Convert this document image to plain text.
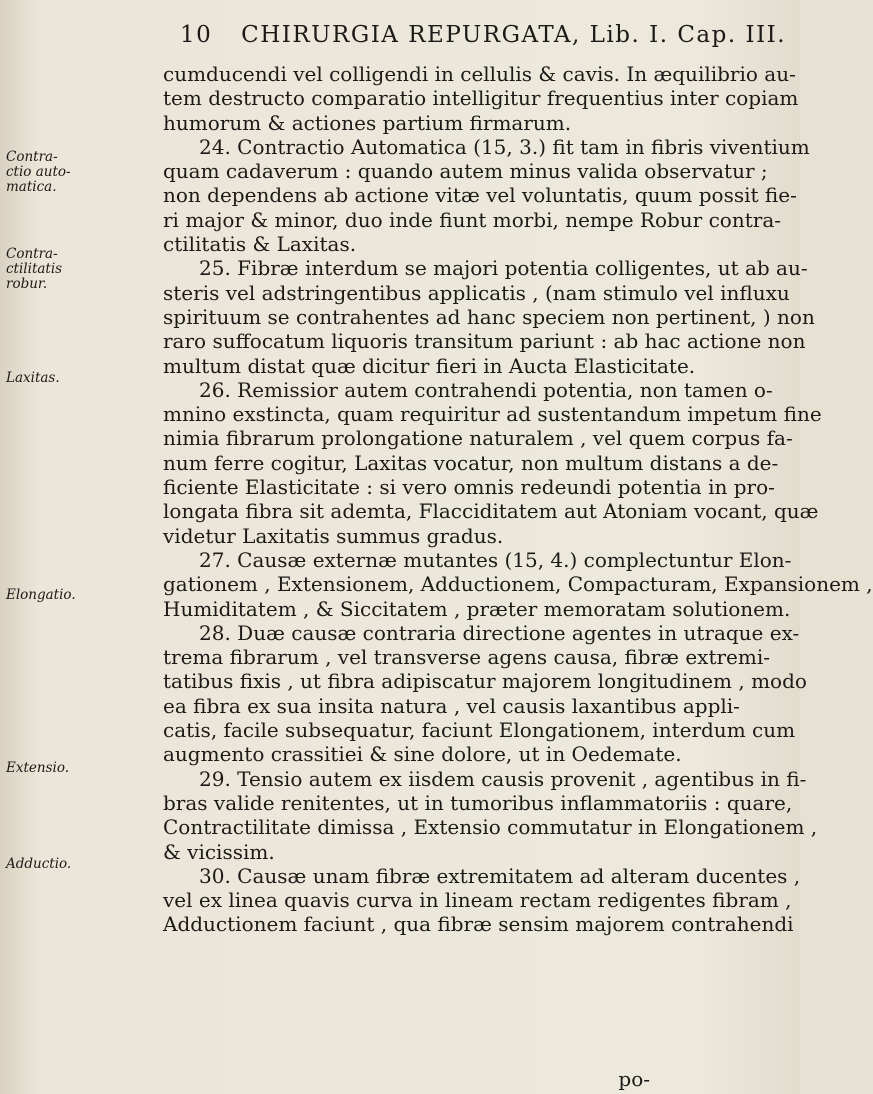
10 CHIRURGIA REPURGATA, Lib. I. Cap. III.
Contra-
ctio auto-
matica.
Contra-
ctilitatis
robur.
Laxitas.
Elongatio.
Extensio.
Adductio.
cumducendi vel colligendi in cellulis & cavis. In æquilibrio au-
tem destructo comparatio intelligitur frequentius inter copiam
humorum & actiones partium firmarum.
24. Contractio Automatica (15, 3.) fit tam in fibris viventium
quam cadaverum : quando autem minus valida observatur ;
non dependens ab actione vitæ vel voluntatis, quum possit fie-
ri major & minor, duo inde fiunt morbi, nempe Robur contra-
ctilitatis & Laxitas.
25. Fibræ interdum se majori potentia colligentes, ut ab au-
steris vel adstringentibus applicatis , (nam stimulo vel influxu
spirituum se contrahentes ad hanc speciem non pertinent, ) non
raro suffocatum liquoris transitum pariunt : ab hac actione non
multum distat quæ dicitur fieri in Aucta Elasticitate.
26. Remissior autem contrahendi potentia, non tamen o-
mnino exstincta, quam requiritur ad sustentandum impetum fine
nimia fibrarum prolongatione naturalem , vel quem corpus fa-
num ferre cogitur, Laxitas vocatur, non multum distans a de-
ficiente Elasticitate : si vero omnis redeundi potentia in pro-
longata fibra sit ademta, Flacciditatem aut Atoniam vocant, quæ
videtur Laxitatis summus gradus.
27. Causæ externæ mutantes (15, 4.) complectuntur Elon-
gationem , Extensionem, Adductionem, Compacturam, Expansionem ,
Humiditatem , & Siccitatem , præter memoratam solutionem.
28. Duæ causæ contraria directione agentes in utraque ex-
trema fibrarum , vel transverse agens causa, fibræ extremi-
tatibus fixis , ut fibra adipiscatur majorem longitudinem , modo
ea fibra ex sua insita natura , vel causis laxantibus appli-
catis, facile subsequatur, faciunt Elongationem, interdum cum
augmento crassitiei & sine dolore, ut in Oedemate.
29. Tensio autem ex iisdem causis provenit , agentibus in fi-
bras valide renitentes, ut in tumoribus inflammatoriis : quare,
Contractilitate dimissa , Extensio commutatur in Elongationem ,
& vicissim.
30. Causæ unam fibræ extremitatem ad alteram ducentes ,
vel ex linea quavis curva in lineam rectam redigentes fibram ,
Adductionem faciunt , qua fibræ sensim majorem contrahendi
po-
